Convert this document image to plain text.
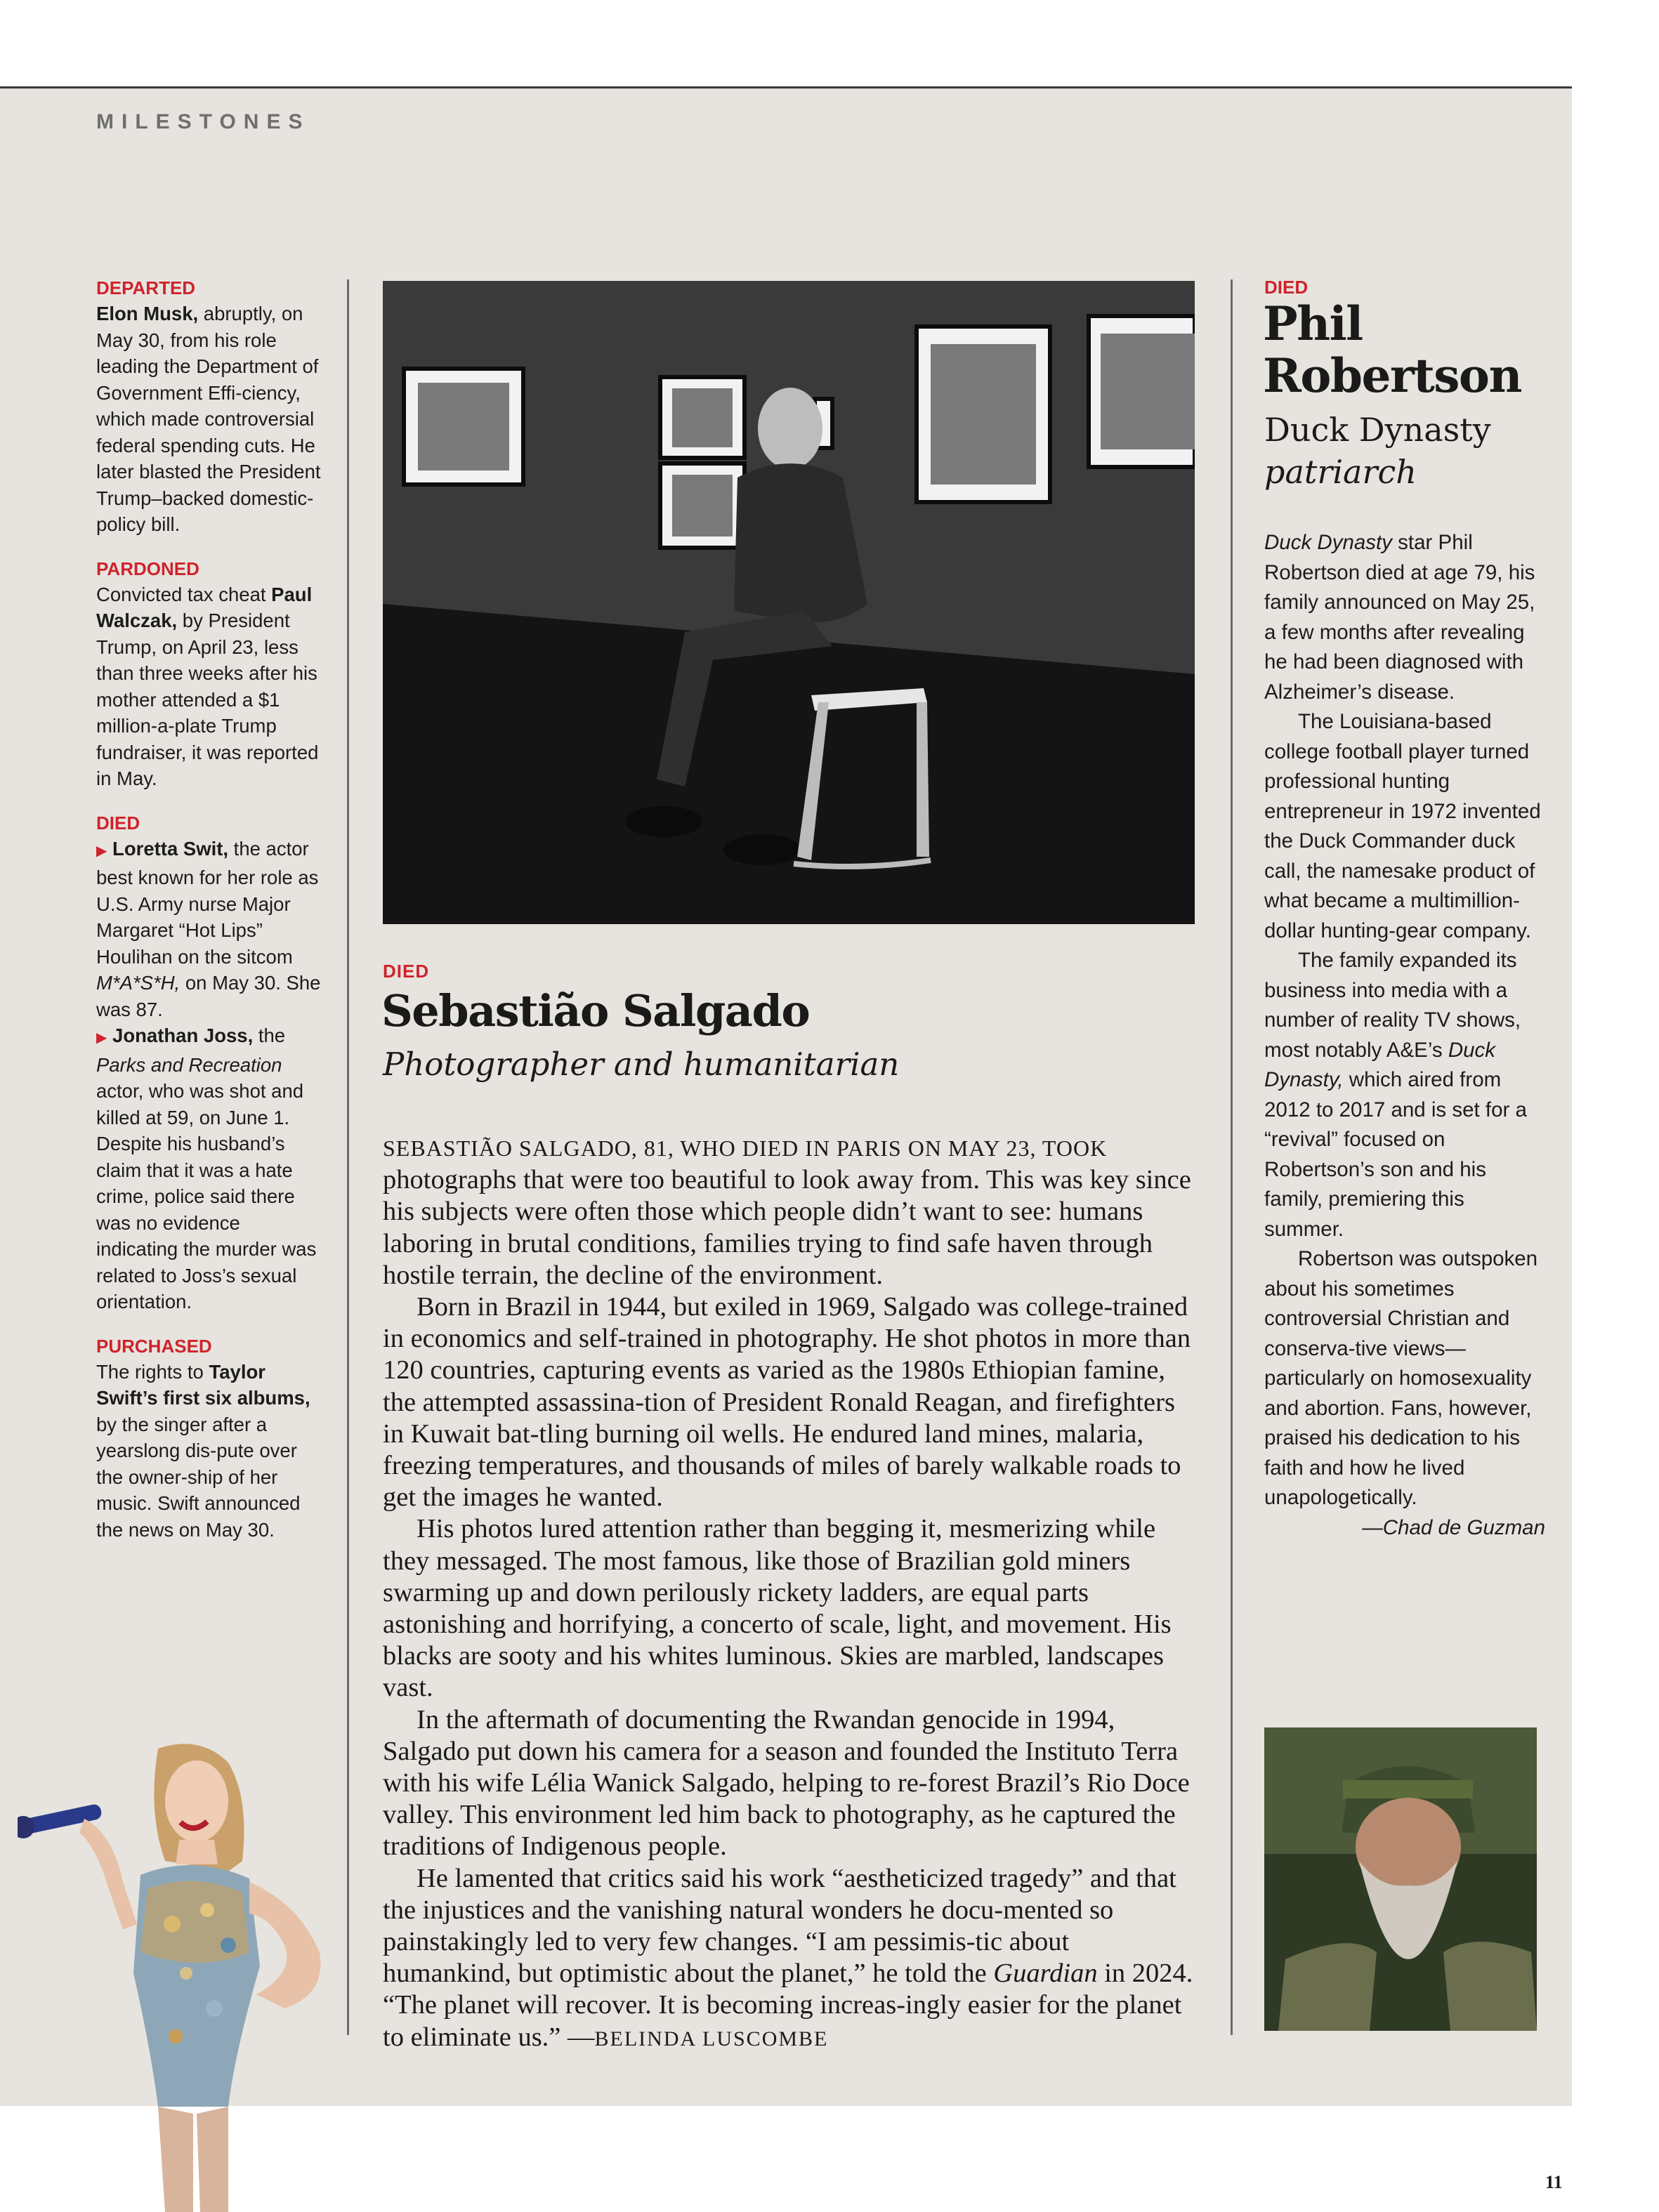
MILESTONES
DEPARTED
Elon Musk, abruptly, on May 30, from his role leading the Department of Government Effi-ciency, which made controversial federal spending cuts. He later blasted the President Trump–backed domestic-policy bill.
PARDONED
Convicted tax cheat Paul Walczak, by President Trump, on April 23, less than three weeks after his mother attended a $1 million-a-plate Trump fundraiser, it was reported in May.
DIED
▶ Loretta Swit, the actor best known for her role as U.S. Army nurse Major Margaret “Hot Lips” Houlihan on the sitcom M*A*S*H, on May 30. She was 87.
▶ Jonathan Joss, the Parks and Recreation actor, who was shot and killed at 59, on June 1. Despite his husband’s claim that it was a hate crime, police said there was no evidence indicating the murder was related to Joss’s sexual orientation.
PURCHASED
The rights to Taylor Swift’s first six albums, by the singer after a yearslong dis-pute over the owner-ship of her music. Swift announced the news on May 30.
DIED
Sebastião Salgado
Photographer and humanitarian

SEBASTIÃO SALGADO, 81, WHO DIED IN PARIS ON MAY 23, TOOK photographs that were too beautiful to look away from. This was key since his subjects were often those which people didn’t want to see: humans laboring in brutal conditions, families trying to find safe haven through hostile terrain, the decline of the environment.

Born in Brazil in 1944, but exiled in 1969, Salgado was college-trained in economics and self-trained in photography. He shot photos in more than 120 countries, capturing events as varied as the 1980s Ethiopian famine, the attempted assassina-tion of President Ronald Reagan, and firefighters in Kuwait bat-tling burning oil wells. He endured land mines, malaria, freezing temperatures, and thousands of miles of barely walkable roads to get the images he wanted.

His photos lured attention rather than begging it, mesmerizing while they messaged. The most famous, like those of Brazilian gold miners swarming up and down perilously rickety ladders, are equal parts astonishing and horrifying, a concerto of scale, light, and movement. His blacks are sooty and his whites luminous. Skies are marbled, landscapes vast.

In the aftermath of documenting the Rwandan genocide in 1994, Salgado put down his camera for a season and founded the Instituto Terra with his wife Lélia Wanick Salgado, helping to re-forest Brazil’s Rio Doce valley. This environment led him back to photography, as he captured the traditions of Indigenous people.

He lamented that critics said his work “aestheticized tragedy” and that the injustices and the vanishing natural wonders he docu-mented so painstakingly led to very few changes. “I am pessimis-tic about humankind, but optimistic about the planet,” he told the Guardian in 2024. “The planet will recover. It is becoming increas-ingly easier for the planet to eliminate us.” —BELINDA LUSCOMBE

DIED
Phil Robertson
Duck Dynasty
patriarch

Duck Dynasty star Phil Robertson died at age 79, his family announced on May 25, a few months after revealing he had been diagnosed with Alzheimer’s disease.

The Louisiana-based college football player turned professional hunting entrepreneur in 1972 invented the Duck Commander duck call, the namesake product of what became a multimillion-dollar hunting-gear company.

The family expanded its business into media with a number of reality TV shows, most notably A&E’s Duck Dynasty, which aired from 2012 to 2017 and is set for a “revival” focused on Robertson’s son and his family, premiering this summer.

Robertson was outspoken about his sometimes controversial Christian and conserva-tive views—particularly on homosexuality and abortion. Fans, however, praised his dedication to his faith and how he lived unapologetically.

—Chad de Guzman
11
